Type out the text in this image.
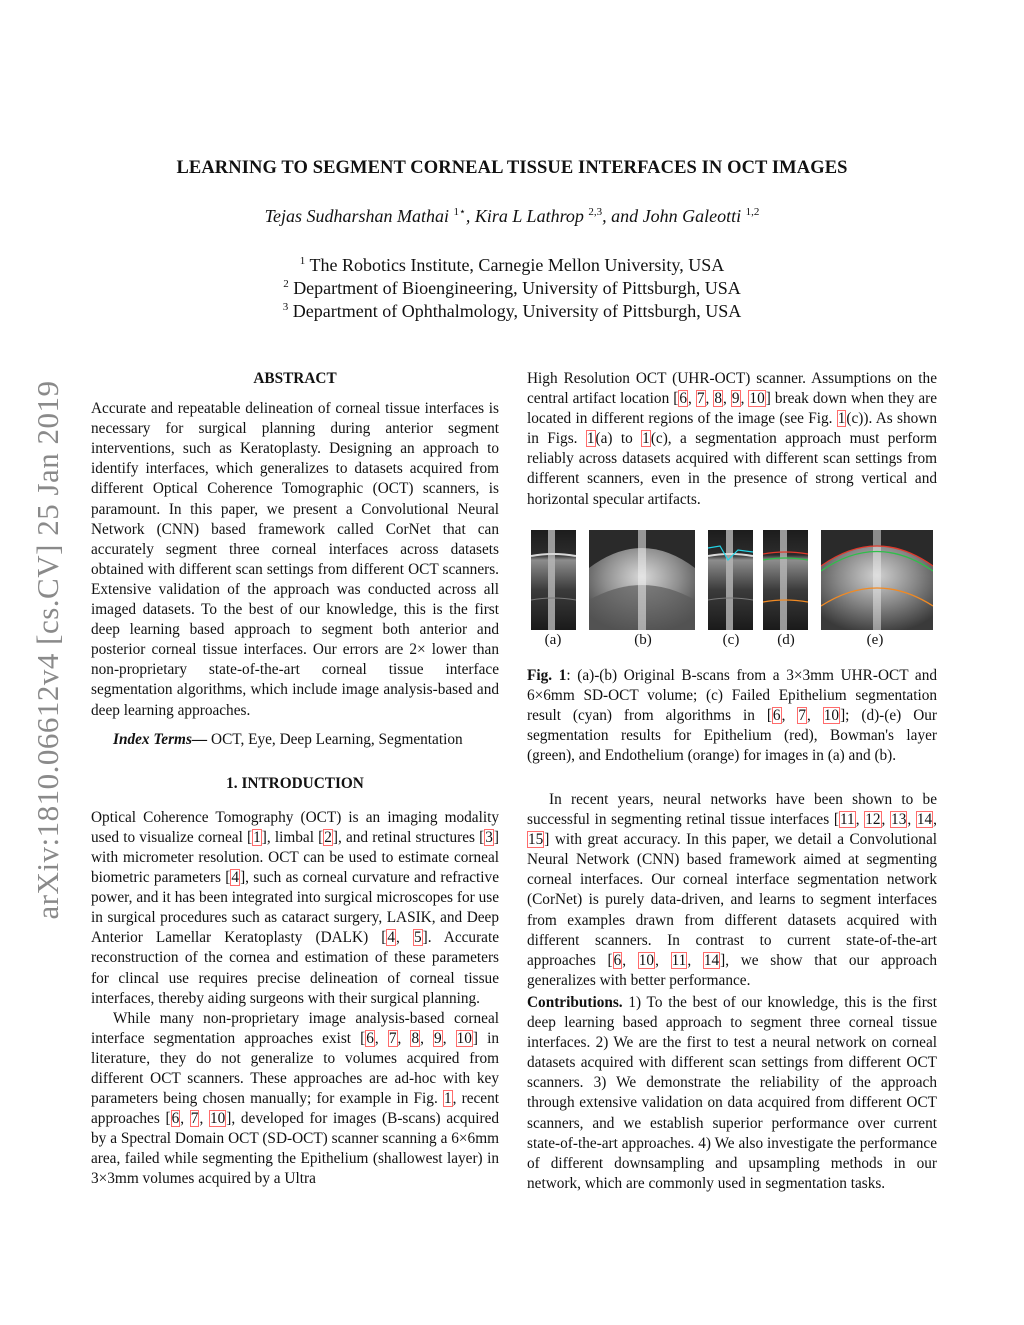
arXiv:1810.06612v4 [cs.CV] 25 Jan 2019
LEARNING TO SEGMENT CORNEAL TISSUE INTERFACES IN OCT IMAGES
Tejas Sudharshan Mathai $^{1⋆}$, Kira L Lathrop $^{2,3}$, and John Galeotti $^{1,2}$
$^1$ The Robotics Institute, Carnegie Mellon University, USA
$^2$ Department of Bioengineering, University of Pittsburgh, USA
$^3$ Department of Ophthalmology, University of Pittsburgh, USA
ABSTRACT

Accurate and repeatable delineation of corneal tissue interfaces is necessary for surgical planning during anterior segment interventions, such as Keratoplasty. Designing an approach to identify interfaces, which generalizes to datasets acquired from different Optical Coherence Tomographic (OCT) scanners, is paramount. In this paper, we present a Convolutional Neural Network (CNN) based framework called CorNet that can accurately segment three corneal interfaces across datasets obtained with different scan settings from different OCT scanners. Extensive validation of the approach was conducted across all imaged datasets. To the best of our knowledge, this is the first deep learning based approach to segment both anterior and posterior corneal tissue interfaces. Our errors are 2× lower than non-proprietary state-of-the-art corneal tissue interface segmentation algorithms, which include image analysis-based and deep learning approaches.

Index Terms— OCT, Eye, Deep Learning, Segmentation

1. INTRODUCTION

Optical Coherence Tomography (OCT) is an imaging modality used to visualize corneal [1], limbal [2], and retinal structures [3] with micrometer resolution. OCT can be used to estimate corneal biometric parameters [4], such as corneal curvature and refractive power, and it has been integrated into surgical microscopes for use in surgical procedures such as cataract surgery, LASIK, and Deep Anterior Lamellar Keratoplasty (DALK) [4, 5]. Accurate reconstruction of the cornea and estimation of these parameters for clincal use requires precise delineation of corneal tissue interfaces, thereby aiding surgeons with their surgical planning.

While many non-proprietary image analysis-based corneal interface segmentation approaches exist [6, 7, 8, 9, 10] in literature, they do not generalize to volumes acquired from different OCT scanners. These approaches are ad-hoc with key parameters being chosen manually; for example in Fig. 1, recent approaches [6, 7, 10], developed for images (B-scans) acquired by a Spectral Domain OCT (SD-OCT) scanner scanning a 6×6mm area, failed while segmenting the Epithelium (shallowest layer) in 3×3mm volumes acquired by a Ultra

High Resolution OCT (UHR-OCT) scanner. Assumptions on the central artifact location [6, 7, 8, 9, 10] break down when they are located in different regions of the image (see Fig. 1(c)). As shown in Figs. 1(a) to 1(c), a segmentation approach must perform reliably across datasets acquired with different scan settings from different scanners, even in the presence of strong vertical and horizontal specular artifacts.

(a)	(b)	(c)	(d)	(e)
Fig. 1: (a)-(b) Original B-scans from a 3×3mm UHR-OCT and 6×6mm SD-OCT volume; (c) Failed Epithelium segmentation result (cyan) from algorithms in [6, 7, 10]; (d)-(e) Our segmentation results for Epithelium (red), Bowman's layer (green), and Endothelium (orange) for images in (a) and (b).

In recent years, neural networks have been shown to be successful in segmenting retinal tissue interfaces [11, 12, 13, 14, 15] with great accuracy. In this paper, we detail a Convolutional Neural Network (CNN) based framework aimed at segmenting corneal interfaces. Our corneal interface segmentation network (CorNet) is purely data-driven, and learns to segment interfaces from examples drawn from different datasets acquired with different scanners. In contrast to current state-of-the-art approaches [6, 10, 11, 14], we show that our approach generalizes with better performance.

Contributions. 1) To the best of our knowledge, this is the first deep learning based approach to segment three corneal tissue interfaces. 2) We are the first to test a neural network on corneal datasets acquired with different scan settings from different OCT scanners. 3) We demonstrate the reliability of the approach through extensive validation on data acquired from different OCT scanners, and we establish superior performance over current state-of-the-art approaches. 4) We also investigate the performance of different downsampling and upsampling methods in our network, which are commonly used in segmentation tasks.
